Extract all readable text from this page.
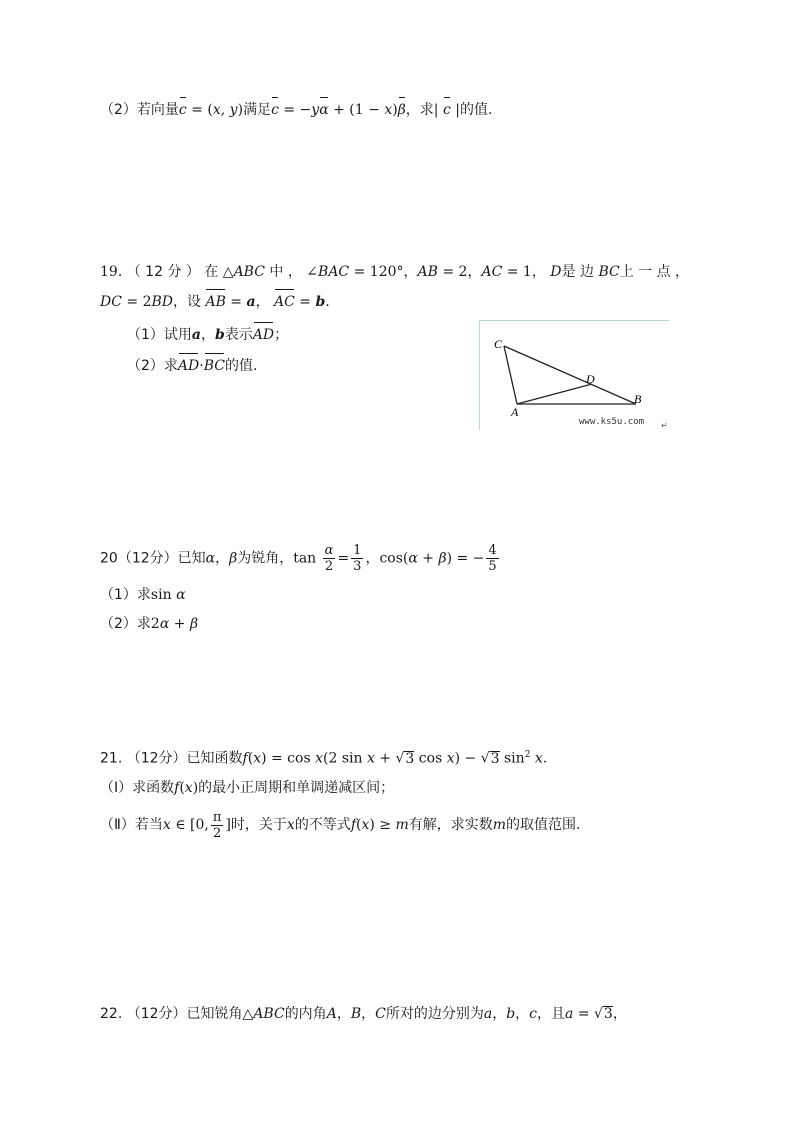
（2）若向量c = (x, y)满足c = −yα + (1 − x)β，求| c |的值.
19. （ 12 分 ） 在 △ABC 中 ， ∠BAC = 120°，AB = 2，AC = 1， D是 边 BC上 一 点 ，
DC = 2BD，设 AB = a， AC = b.
（1）试用a，b表示AD；
（2）求AD·BC的值.
C
D
A
B
www.ks5u.com ↵
20（12分）已知α，β为锐角，$\tan \frac{\alpha}{2} = \frac{1}{3}$ ，cos(α + β) = − $\frac{4}{5}$
（1）求sin α
（2）求2α + β
21. （12分）已知函数f(x) = cos x(2 sin x + √3 cos x) − √3 $\sin^2 x$.
（Ⅰ）求函数f(x)的最小正周期和单调递减区间；
（Ⅱ）若当x ∈ [0, $\frac{\pi}{2}$ ]时，关于x的不等式f(x) ≥ m有解，求实数m的取值范围.
22. （12分）已知锐角△ABC的内角A，B，C所对的边分别为a，b，c，且a = √3，
